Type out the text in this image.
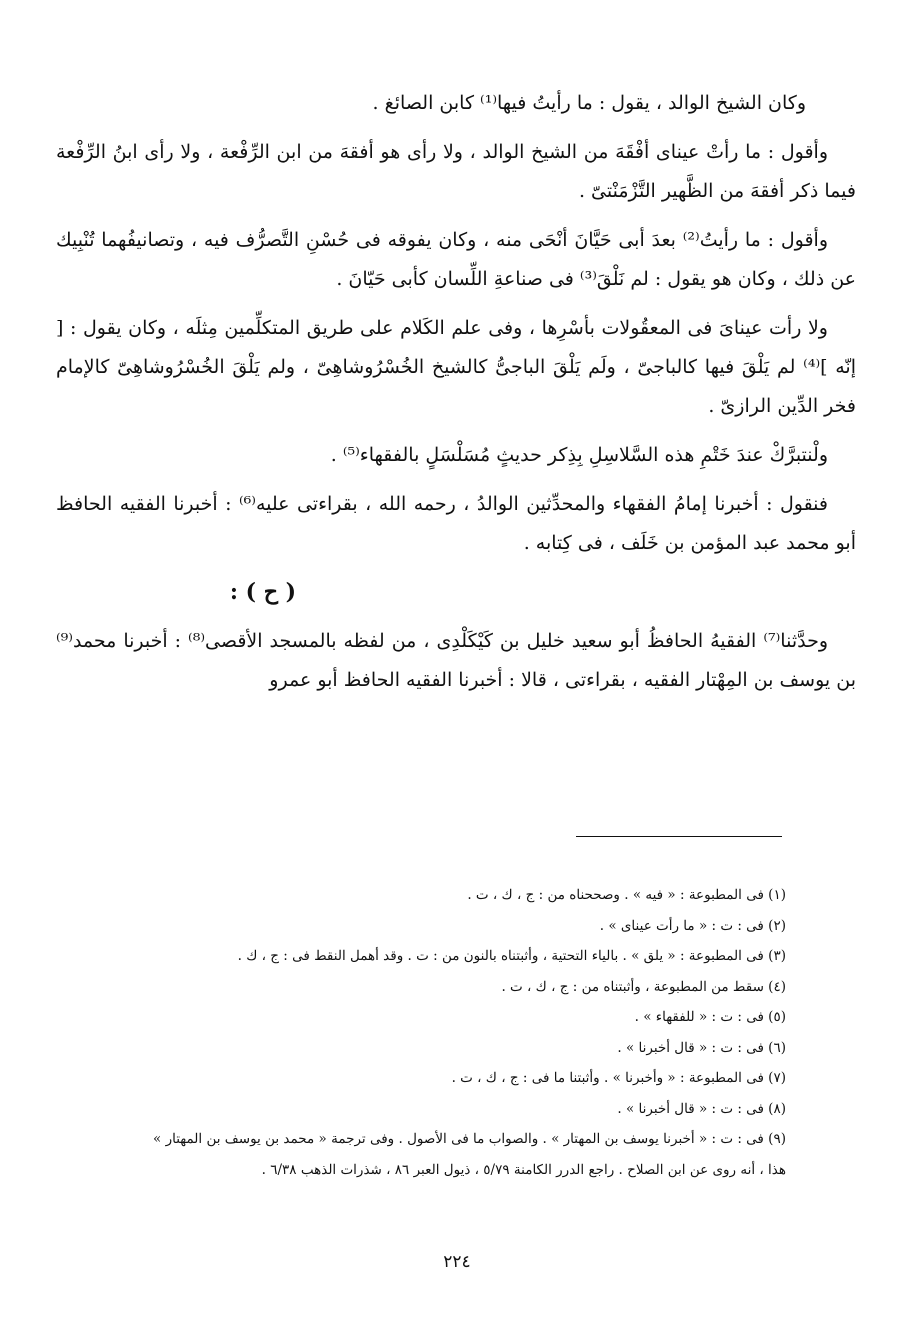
وكان الشيخ الوالد ، يقول : ما رأيتُ فيها⁽¹⁾ كابن الصائغ .

وأقول : ما رأتْ عيناى أفْقَهَ من الشيخ الوالد ، ولا رأى هو أفقهَ من ابن الرِّفْعة ، ولا رأى ابنُ الرِّفْعة فيما ذكر أفقهَ من الظَّهير التَّزْمَنْتىّ .

وأقول : ما رأيتُ⁽²⁾ بعدَ أبى حَيَّانَ أنْحَى منه ، وكان يفوقه فى حُسْنِ التَّصرُّف فيه ، وتصانيفُهما تُنْبِيك عن ذلك ، وكان هو يقول : لم نَلْقَ⁽³⁾ فى صناعةِ اللِّسان كأبى حَيّانَ .

ولا رأت عيناىَ فى المعقُولات بأسْرِها ، وفى علم الكَلام على طريق المتكلِّمين مِثلَه ، وكان يقول : [ إنّه ]⁽⁴⁾ لم يَلْقَ فيها كالباجىّ ، ولَم يَلْقَ الباجىُّ كالشيخ الخُسْرُوشاهِىّ ، ولم يَلْقَ الخُسْرُوشاهِىّ كالإمام فخر الدِّين الرازىّ .

ولْنتبرَّكْ عندَ خَتْمِ هذه السَّلاسِلِ بِذِكر حديثٍ مُسَلْسَلٍ بالفقهاء⁽⁵⁾ .

فنقول : أخبرنا إمامُ الفقهاء والمحدِّثين الوالدُ ، رحمه الله ، بقراءتى عليه⁽⁶⁾ : أخبرنا الفقيه الحافظ أبو محمد عبد المؤمن بن خَلَف ، فى كِتابه .

( ح ) :

وحدَّثنا⁽⁷⁾ الفقيهُ الحافظُ أبو سعيد خليل بن كَيْكَلْدِى ، من لفظه بالمسجد الأقصى⁽⁸⁾ : أخبرنا محمد⁽⁹⁾ بن يوسف بن المِهْتار الفقيه ، بقراءتى ، قالا : أخبرنا الفقيه الحافظ أبو عمرو

(١) فى المطبوعة : « فيه » . وصححناه من : ج ، ك ، ت .
(٢) فى : ت : « ما رأت عيناى » .
(٣) فى المطبوعة : « يلق » . بالياء التحتية ، وأثبتناه بالنون من : ت . وقد أهمل النقط فى : ج ، ك .
(٤) سقط من المطبوعة ، وأثبتناه من : ج ، ك ، ت .
(٥) فى : ت : « للفقهاء » .
(٦) فى : ت : « قال أخبرنا » .
(٧) فى المطبوعة : « وأخبرنا » . وأثبتنا ما فى : ج ، ك ، ت .
(٨) فى : ت : « قال أخبرنا » .
(٩) فى : ت : « أخبرنا يوسف بن المهتار » . والصواب ما فى الأصول . وفى ترجمة « محمد بن يوسف بن المهتار »
هذا ، أنه روى عن ابن الصلاح . راجع الدرر الكامنة ٥/٧٩ ، ذيول العبر ٨٦ ، شذرات الذهب ٦/٣٨ .
٢٢٤
